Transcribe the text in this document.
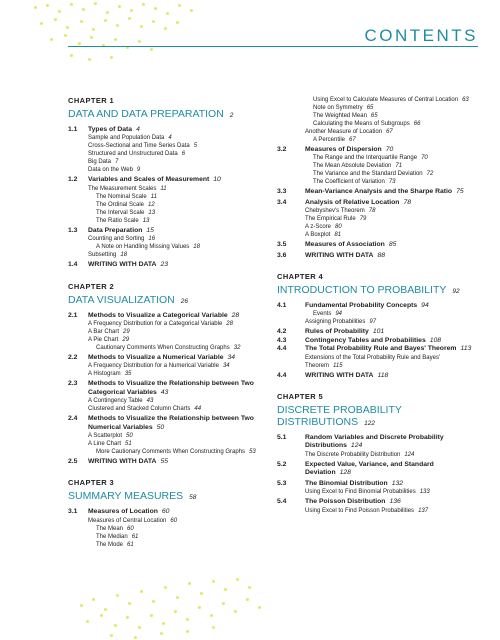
CONTENTS

CHAPTER 1

DATA AND DATA PREPARATION 2
1.1	Types of Data 4
Sample and Population Data 4
Cross-Sectional and Time Series Data 5
Structured and Unstructured Data 6
Big Data 7
Data on the Web 9
1.2	Variables and Scales of Measurement 10
The Measurement Scales 11
The Nominal Scale 11
The Ordinal Scale 12
The Interval Scale 13
The Ratio Scale 13
1.3	Data Preparation 15
Counting and Sorting 16
A Note on Handling Missing Values 18
Subsetting 18
1.4	WRITING WITH DATA 23

CHAPTER 2

DATA VISUALIZATION 26
2.1	Methods to Visualize a Categorical Variable 28
A Frequency Distribution for a Categorical Variable 28
A Bar Chart 29
A Pie Chart 29
Cautionary Comments When Constructing Graphs 32
2.2	Methods to Visualize a Numerical Variable 34
A Frequency Distribution for a Numerical Variable 34
A Histogram 35
2.3	Methods to Visualize the Relationship between Two Categorical Variables 43
A Contingency Table 43
Clustered and Stacked Column Charts 44
2.4	Methods to Visualize the Relationship between Two Numerical Variables 50
A Scatterplot 50
A Line Chart 51
More Cautionary Comments When Constructing Graphs 53
2.5	WRITING WITH DATA 55

CHAPTER 3

SUMMARY MEASURES 58
3.1	Measures of Location 60
Measures of Central Location 60
The Mean 60
The Median 61
The Mode 61
Using Excel to Calculate Measures of Central Location 63
Note on Symmetry 65
The Weighted Mean 65
Calculating the Means of Subgroups 66
Another Measure of Location 67
A Percentile 67
3.2	Measures of Dispersion 70
The Range and the Interquartile Range 70
The Mean Absolute Deviation 71
The Variance and the Standard Deviation 72
The Coefficient of Variation 73
3.3	Mean-Variance Analysis and the Sharpe Ratio 75
3.4	Analysis of Relative Location 78
Chebyshev's Theorem 78
The Empirical Rule 79
A z-Score 80
A Boxplot 81
3.5	Measures of Association 85
3.6	WRITING WITH DATA 88

CHAPTER 4

INTRODUCTION TO PROBABILITY 92
4.1	Fundamental Probability Concepts 94
Events 94
Assigning Probabilities 97
4.2	Rules of Probability 101
4.3	Contingency Tables and Probabilities 108
4.4	The Total Probability Rule and Bayes' Theorem 113
Extensions of the Total Probability Rule and Bayes' Theorem 115
4.4	WRITING WITH DATA 118

CHAPTER 5

DISCRETE PROBABILITY DISTRIBUTIONS 122
5.1	Random Variables and Discrete Probability Distributions 124
The Discrete Probability Distribution 124
5.2	Expected Value, Variance, and Standard Deviation 128
5.3	The Binomial Distribution 132
Using Excel to Find Binomial Probabilities 133
5.4	The Poisson Distribution 136
Using Excel to Find Poisson Probabilities 137
